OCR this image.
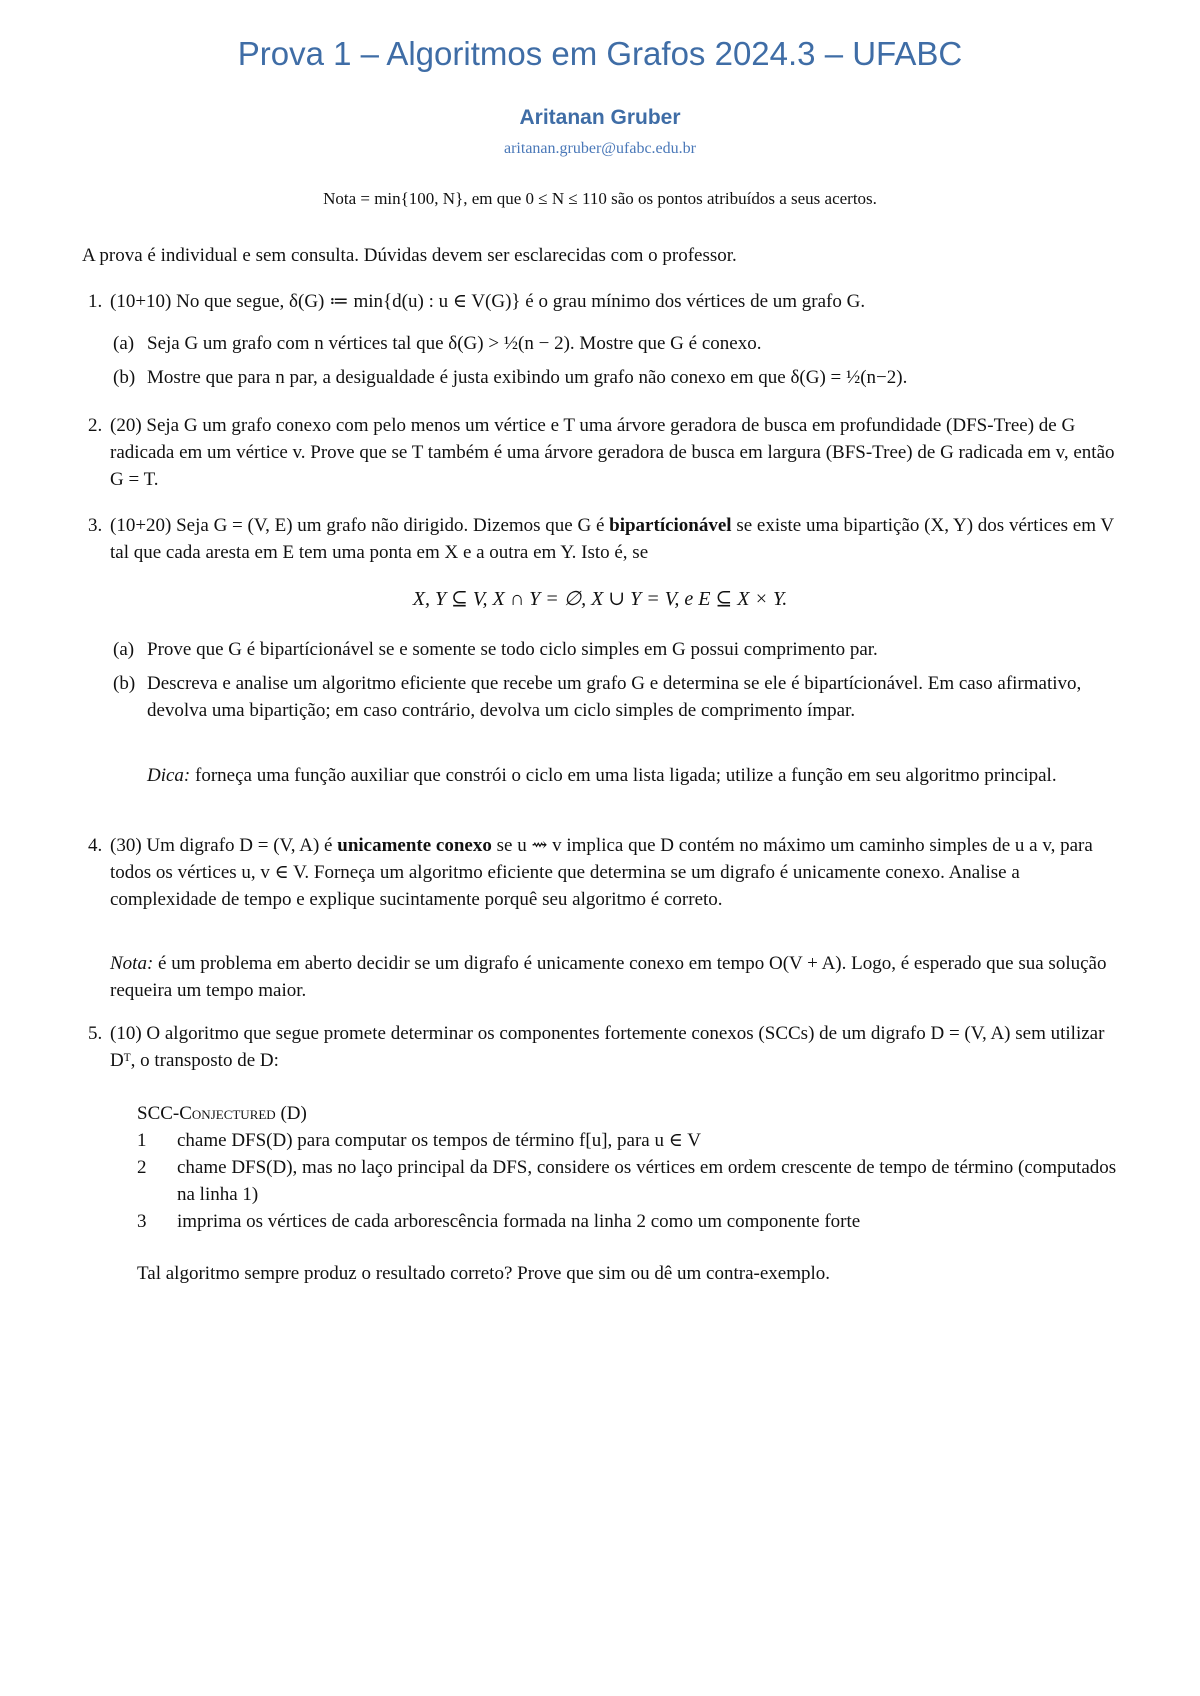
Prova 1 – Algoritmos em Grafos 2024.3 – UFABC
Aritanan Gruber
aritanan.gruber@ufabc.edu.br
Nota = min{100, N}, em que 0 ≤ N ≤ 110 são os pontos atribuídos a seus acertos.
A prova é individual e sem consulta. Dúvidas devem ser esclarecidas com o professor.
1. (10+10) No que segue, δ(G) ≔ min{d(u) : u ∈ V(G)} é o grau mínimo dos vértices de um grafo G.

(a) Seja G um grafo com n vértices tal que δ(G) > ½(n − 2). Mostre que G é conexo.

(b) Mostre que para n par, a desigualdade é justa exibindo um grafo não conexo em que δ(G) = ½(n−2).

2. (20) Seja G um grafo conexo com pelo menos um vértice e T uma árvore geradora de busca em profundidade (DFS-Tree) de G radicada em um vértice v. Prove que se T também é uma árvore geradora de busca em largura (BFS-Tree) de G radicada em v, então G = T.

3. (10+20) Seja G = (V, E) um grafo não dirigido. Dizemos que G é bipartícionável se existe uma bipartição (X, Y) dos vértices em V tal que cada aresta em E tem uma ponta em X e a outra em Y. Isto é, se

X, Y ⊆ V, X ∩ Y = ∅, X ∪ Y = V, e E ⊆ X × Y.
(a) Prove que G é bipartícionável se e somente se todo ciclo simples em G possui comprimento par.

(b) Descreva e analise um algoritmo eficiente que recebe um grafo G e determina se ele é bipartícionável. Em caso afirmativo, devolva uma bipartição; em caso contrário, devolva um ciclo simples de comprimento ímpar.

Dica: forneça uma função auxiliar que constrói o ciclo em uma lista ligada; utilize a função em seu algoritmo principal.

4. (30) Um digrafo D = (V, A) é unicamente conexo se u ⇝ v implica que D contém no máximo um caminho simples de u a v, para todos os vértices u, v ∈ V. Forneça um algoritmo eficiente que determina se um digrafo é unicamente conexo. Analise a complexidade de tempo e explique sucintamente porquê seu algoritmo é correto.

Nota: é um problema em aberto decidir se um digrafo é unicamente conexo em tempo O(V + A). Logo, é esperado que sua solução requeira um tempo maior.

5. (10) O algoritmo que segue promete determinar os componentes fortemente conexos (SCCs) de um digrafo D = (V, A) sem utilizar Dᵀ, o transposto de D:

SCC-Conjectured (D)
1 chame DFS(D) para computar os tempos de término f[u], para u ∈ V
2 chame DFS(D), mas no laço principal da DFS, considere os vértices em ordem crescente de tempo de término (computados na linha 1)
3 imprima os vértices de cada arborescência formada na linha 2 como um componente forte
Tal algoritmo sempre produz o resultado correto? Prove que sim ou dê um contra-exemplo.
